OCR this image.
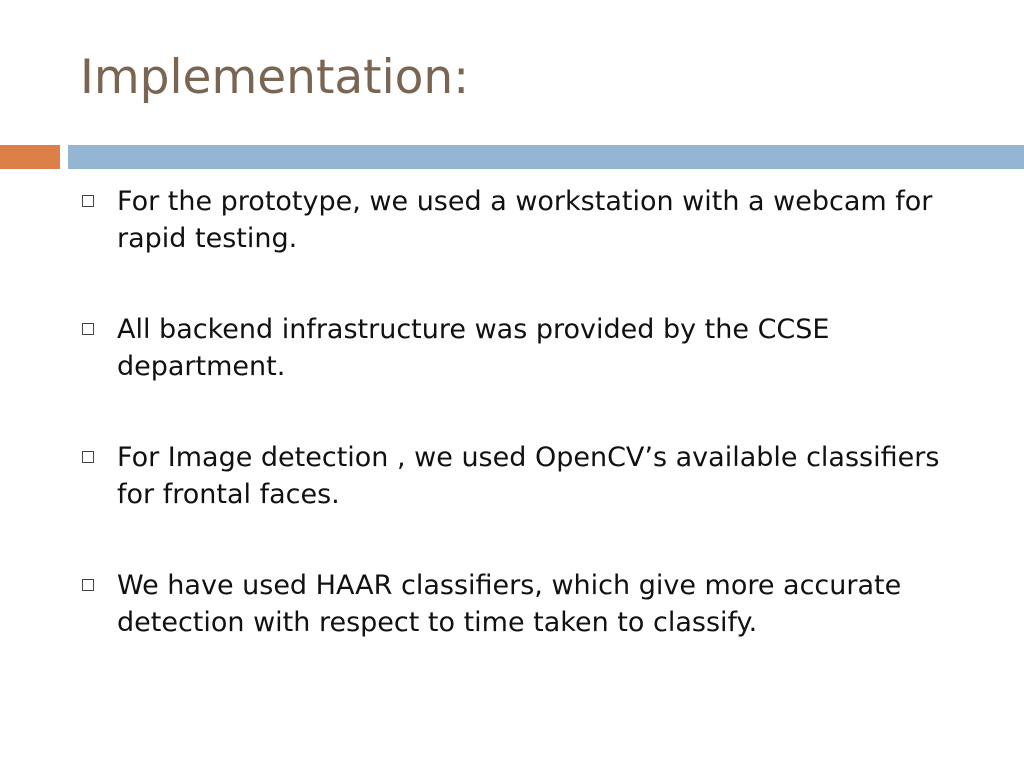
Implementation:
For the prototype, we used a workstation with a webcam for rapid testing.
All backend infrastructure was provided by the CCSE department.
For Image detection , we used OpenCV’s available classifiers for frontal faces.
We have used HAAR classifiers, which give more accurate detection with respect to time taken to classify.
